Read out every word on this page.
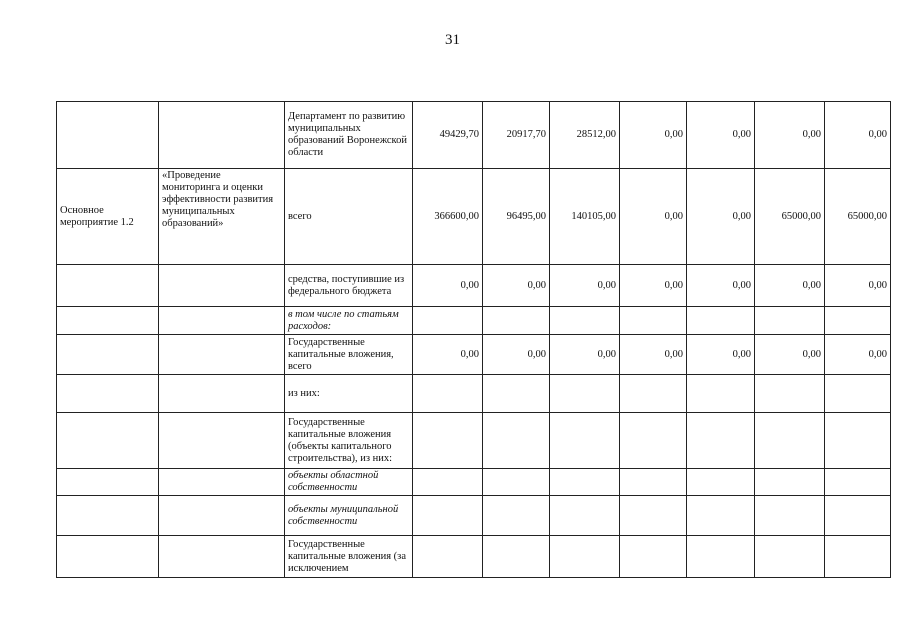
31
		Департамент по развитию муниципальных образований Воронежской области	49429,70	20917,70	28512,00	0,00	0,00	0,00	0,00
Основное мероприятие 1.2	«Проведение мониторинга и оценки эффективности развития муниципальных образований»	всего	366600,00	96495,00	140105,00	0,00	0,00	65000,00	65000,00
		средства, поступившие из федерального бюджета	0,00	0,00	0,00	0,00	0,00	0,00	0,00
		в том числе по статьям расходов:							
		Государственные капитальные вложения, всего	0,00	0,00	0,00	0,00	0,00	0,00	0,00
		из них:							
		Государственные капитальные вложения (объекты капитального строительства), из них:							
		объекты областной собственности							
		объекты муниципальной собственности							
		Государственные капитальные вложения (за исключением							
